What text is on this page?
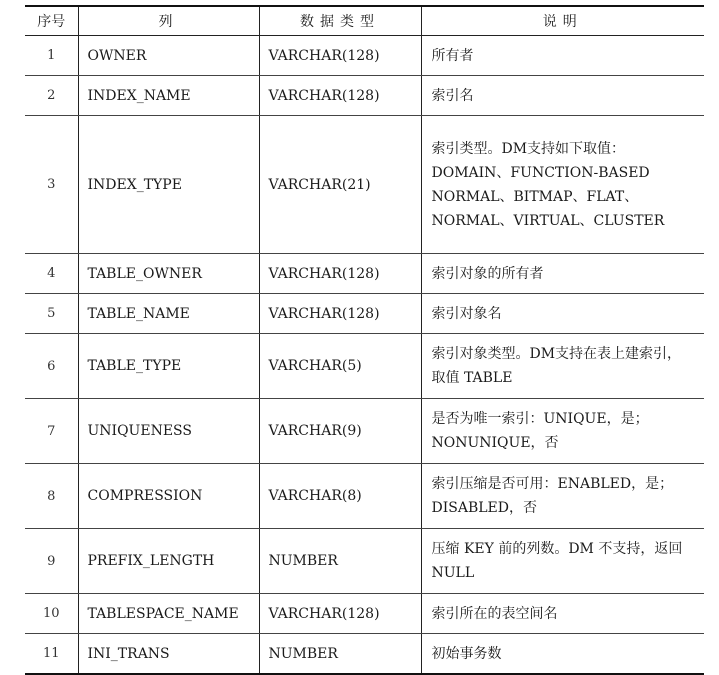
序号	列	数据类型	说明
1	OWNER	VARCHAR(128)	所有者
2	INDEX_NAME	VARCHAR(128)	索引名
3	INDEX_TYPE	VARCHAR(21)	索引类型。DM支持如下取值：DOMAIN、FUNCTION-BASED NORMAL、BITMAP、FLAT、NORMAL、VIRTUAL、CLUSTER
4	TABLE_OWNER	VARCHAR(128)	索引对象的所有者
5	TABLE_NAME	VARCHAR(128)	索引对象名
6	TABLE_TYPE	VARCHAR(5)	索引对象类型。DM支持在表上建索引，取值 TABLE
7	UNIQUENESS	VARCHAR(9)	是否为唯一索引：UNIQUE，是；NONUNIQUE，否
8	COMPRESSION	VARCHAR(8)	索引压缩是否可用：ENABLED，是；DISABLED，否
9	PREFIX_LENGTH	NUMBER	压缩 KEY 前的列数。DM 不支持，返回 NULL
10	TABLESPACE_NAME	VARCHAR(128)	索引所在的表空间名
11	INI_TRANS	NUMBER	初始事务数
